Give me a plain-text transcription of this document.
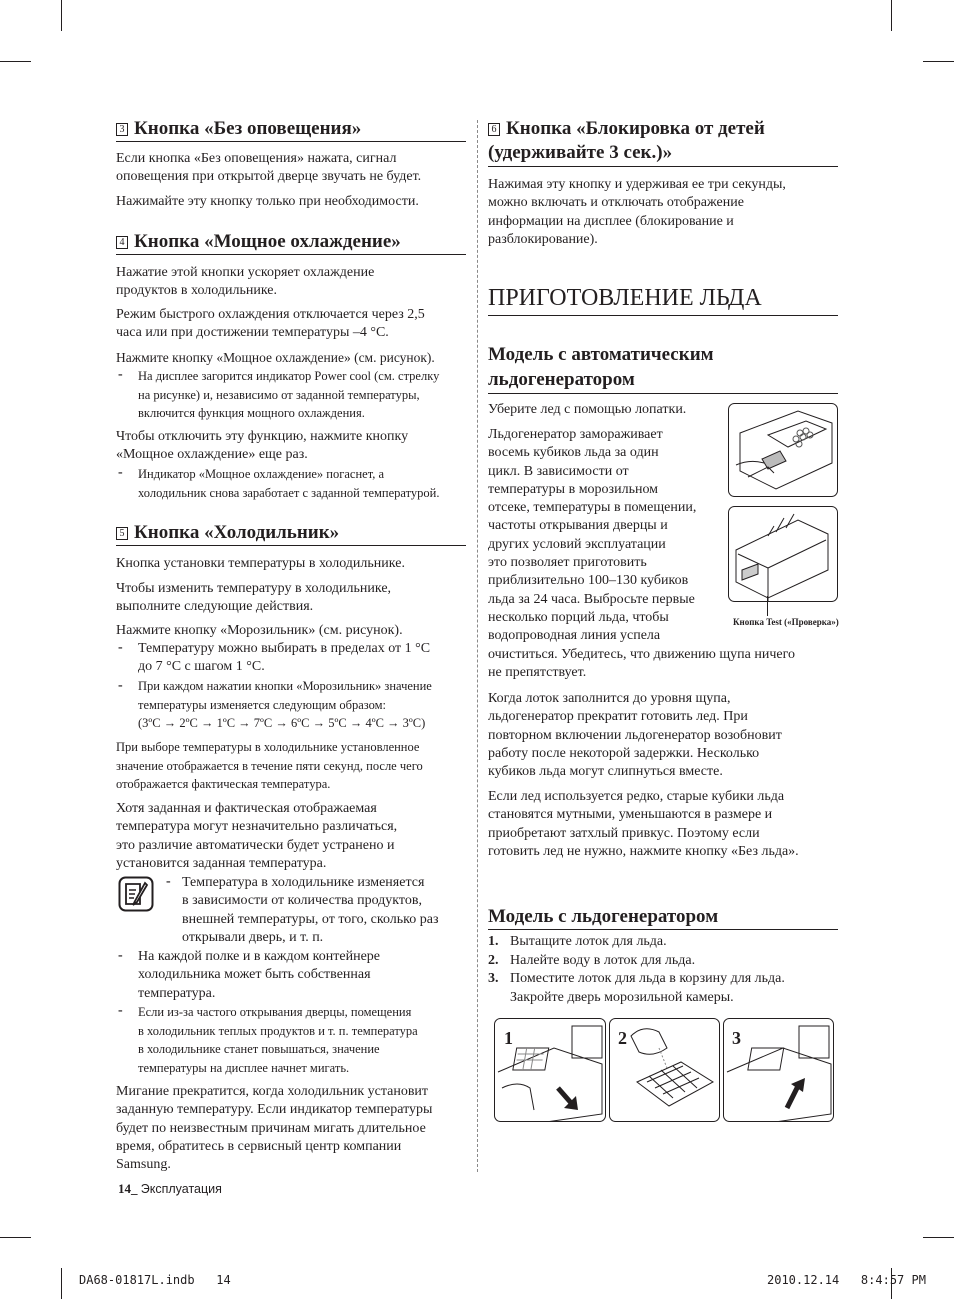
3 Кнопка «Без оповещения»
Если кнопка «Без оповещения» нажата, сигнал
оповещения при открытой дверце звучать не будет.
Нажимайте эту кнопку только при необходимости.
4 Кнопка «Мощное охлаждение»
Нажатие этой кнопки ускоряет охлаждение
продуктов в холодильнике.
Режим быстрого охлаждения отключается через 2,5
часа или при достижении температуры –4 °C.
Нажмите кнопку «Мощное охлаждение» (см. рисунок).
- На дисплее загорится индикатор Power cool (см. стрелку
на рисунке) и, независимо от заданной температуры,
включится функция мощного охлаждения.
Чтобы отключить эту функцию, нажмите кнопку
«Мощное охлаждение» еще раз.
- Индикатор «Мощное охлаждение» погаснет, а
холодильник снова заработает с заданной температурой.
5 Кнопка «Холодильник»
Кнопка установки температуры в холодильнике.
Чтобы изменить температуру в холодильнике,
выполните следующие действия.
Нажмите кнопку «Морозильник» (см. рисунок).
- Температуру можно выбирать в пределах от 1 °C
до 7 °C с шагом 1 °C.
- При каждом нажатии кнопки «Морозильник» значение
температуры изменяется следующим образом:
(3ºC → 2ºC → 1ºC → 7ºC → 6ºC → 5ºC → 4ºC → 3ºC)
При выборе температуры в холодильнике установленное
значение отображается в течение пяти секунд, после чего
отображается фактическая температура.
Хотя заданная и фактическая отображаемая
температура могут незначительно различаться,
это различие автоматически будет устранено и
установится заданная температура.
- Температура в холодильнике изменяется
в зависимости от количества продуктов,
внешней температуры, от того, сколько раз
открывали дверь, и т. п.
- На каждой полке и в каждом контейнере
холодильника может быть собственная
температура.
- Если из-за частого открывания дверцы, помещения
в холодильник теплых продуктов и т. п. температура
в холодильнике станет повышаться, значение
температуры на дисплее начнет мигать.
Мигание прекратится, когда холодильник установит
заданную температуру. Если индикатор температуры
будет по неизвестным причинам мигать длительное
время, обратитесь в сервисный центр компании
Samsung.
14_ Эксплуатация
6 Кнопка «Блокировка от детей
(удерживайте 3 сек.)»
Нажимая эту кнопку и удерживая ее три секунды,
можно включать и отключать отображение
информации на дисплее (блокирование и
разблокирование).
ПРИГОТОВЛЕНИЕ ЛЬДА
Модель с автоматическим
льдогенератором
Уберите лед с помощью лопатки.
Льдогенератор замораживает
восемь кубиков льда за один
цикл. В зависимости от
температуры в морозильном
отсеке, температуры в помещении,
частоты открывания дверцы и
других условий эксплуатации
это позволяет приготовить
приблизительно 100–130 кубиков
льда за 24 часа. Выбросьте первые
несколько порций льда, чтобы
водопроводная линия успела
очиститься. Убедитесь, что движению щупа ничего
не препятствует.
Кнопка Test («Проверка»)
Когда лоток заполнится до уровня щупа,
льдогенератор прекратит готовить лед. При
повторном включении льдогенератор возобновит
работу после некоторой задержки. Несколько
кубиков льда могут слипнуться вместе.
Если лед используется редко, старые кубики льда
становятся мутными, уменьшаются в размере и
приобретают затхлый привкус. Поэтому если
готовить лед не нужно, нажмите кнопку «Без льда».
Модель с льдогенератором
1. Вытащите лоток для льда.
2. Налейте воду в лоток для льда.
3. Поместите лоток для льда в корзину для льда.
Закройте дверь морозильной камеры.
1	2	3
DA68-01817L.indb   14	2010.12.14   8:4:57 PM
